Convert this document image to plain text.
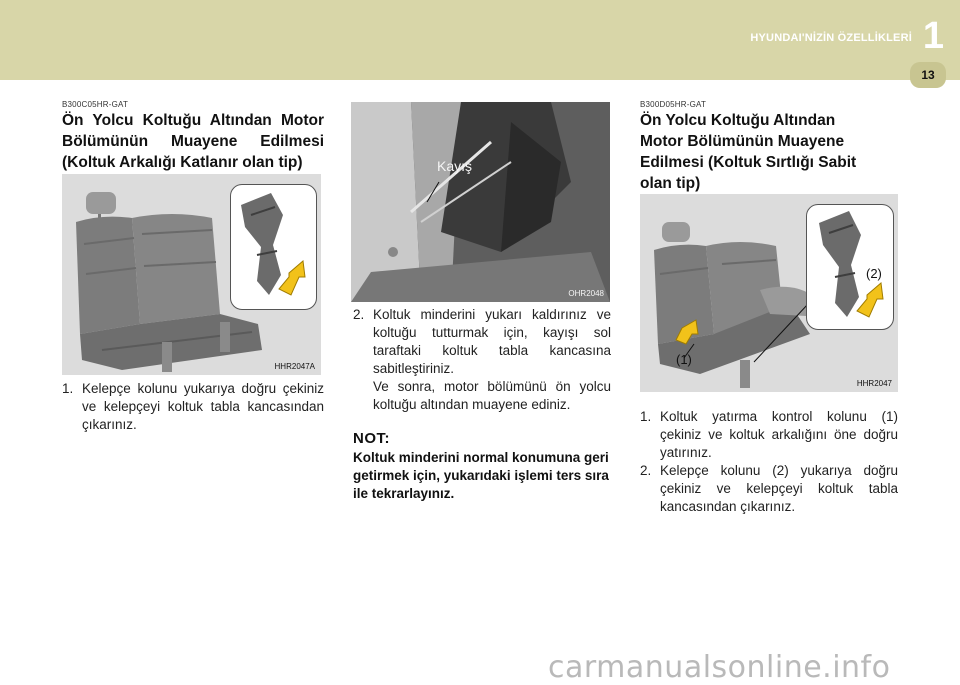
HYUNDAI'NİZİN ÖZELLİKLERİ 1
13
B300C05HR-GAT
Ön Yolcu Koltuğu Altından Motor Bölümünün Muayene Edilmesi (Koltuk Arkalığı Katlanır olan tip)
HHR2047A
1. Kelepçe kolunu yukarıya doğru çekiniz ve kelepçeyi koltuk tabla kancasından çıkarınız.
Kayış
OHR2048
2. Koltuk minderini yukarı kaldırınız ve koltuğu tutturmak için, kayışı sol taraftaki koltuk tabla kancasına sabitleştiriniz.
Ve sonra, motor bölümünü ön yolcu koltuğu altından muayene ediniz.
NOT:
Koltuk minderini normal konumuna geri getirmek için, yukarıdaki işlemi ters sıra ile tekrarlayınız.
B300D05HR-GAT
Ön Yolcu Koltuğu Altından Motor Bölümünün Muayene Edilmesi (Koltuk Sırtlığı Sabit olan tip)
(2)
(1)
HHR2047
1. Koltuk yatırma kontrol kolunu (1) çekiniz ve koltuk arkalığını öne doğru yatırınız.
2. Kelepçe kolunu (2) yukarıya doğru çekiniz ve kelepçeyi koltuk tabla kancasından çıkarınız.
carmanualsonline.info
